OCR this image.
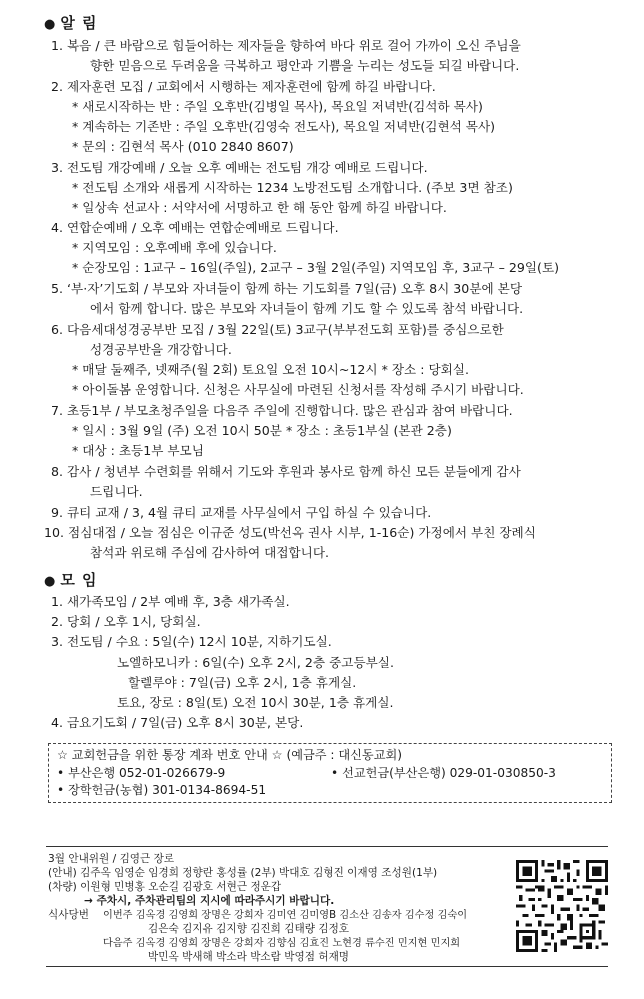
● 알 림
1. 복음 / 큰 바람으로 힘들어하는 제자들을 향하여 바다 위로 걸어 가까이 오신 주님을
향한 믿음으로 두려움을 극복하고 평안과 기쁨을 누리는 성도들 되길 바랍니다.
2. 제자훈련 모집 / 교회에서 시행하는 제자훈련에 함께 하길 바랍니다.
* 새로시작하는 반 : 주일 오후반(김병일 목사), 목요일 저녁반(김석하 목사)
* 계속하는 기존반 : 주일 오후반(김영숙 전도사), 목요일 저녁반(김현석 목사)
* 문의 : 김현석 목사 (010 2840 8607)
3. 전도팀 개강예배 / 오늘 오후 예배는 전도팀 개강 예배로 드립니다.
* 전도팀 소개와 새롭게 시작하는 1234 노방전도팀 소개합니다. (주보 3면 참조)
* 일상속 선교사 : 서약서에 서명하고 한 해 동안 함께 하길 바랍니다.
4. 연합순예배 / 오후 예배는 연합순예배로 드립니다.
* 지역모임 : 오후예배 후에 있습니다.
* 순장모임 : 1교구 – 16일(주일), 2교구 – 3월 2일(주일) 지역모임 후, 3교구 – 29일(토)
5. ‘부·자’기도회 / 부모와 자녀들이 함께 하는 기도회를 7일(금) 오후 8시 30분에 본당
에서 함께 합니다. 많은 부모와 자녀들이 함께 기도 할 수 있도록 참석 바랍니다.
6. 다음세대성경공부반 모집 / 3월 22일(토) 3교구(부부전도회 포함)를 중심으로한
성경공부반을 개강합니다.
* 매달 둘째주, 넷째주(월 2회) 토요일 오전 10시~12시 * 장소 : 당회실.
* 아이돌봄 운영합니다. 신청은 사무실에 마련된 신청서를 작성해 주시기 바랍니다.
7. 초등1부 / 부모초청주일을 다음주 주일에 진행합니다. 많은 관심과 참여 바랍니다.
* 일시 : 3월 9일 (주) 오전 10시 50분 * 장소 : 초등1부실 (본관 2층)
* 대상 : 초등1부 부모님
8. 감사 / 청년부 수련회를 위해서 기도와 후원과 봉사로 함께 하신 모든 분들에게 감사
드립니다.
9. 큐티 교재 / 3, 4월 큐티 교재를 사무실에서 구입 하실 수 있습니다.
10. 점심대접 / 오늘 점심은 이규준 성도(박선옥 권사 시부, 1-16순) 가정에서 부친 장례식
참석과 위로해 주심에 감사하여 대접합니다.
● 모 임
1. 새가족모임 / 2부 예배 후, 3층 새가족실.
2. 당회 / 오후 1시, 당회실.
3. 전도팀 / 수요 : 5일(수) 12시 10분, 지하기도실.
노엘하모니카 : 6일(수) 오후 2시, 2층 중고등부실.
할렐루야 : 7일(금) 오후 2시, 1층 휴게실.
토요, 장로 : 8일(토) 오전 10시 30분, 1층 휴게실.
4. 금요기도회 / 7일(금) 오후 8시 30분, 본당.
☆ 교회헌금을 위한 통장 계좌 번호 안내 ☆ (예금주 : 대신동교회)
• 부산은행 052-01-026679-9	• 선교헌금(부산은행) 029-01-030850-3
• 장학헌금(농협) 301-0134-8694-51
3월 안내위원 / 김영근 장로
(안내) 김주옥 임영순 임경희 정향란 홍성률 (2부) 박대호 김형진 이재영 조성원(1부)
(차량) 이원형 민병홍 오순길 김광호 서현근 정운갑
→ 주차시, 주차관리팀의 지시에 따라주시기 바랍니다.
식사당번 이번주 김옥경 김영희 장명은 강희자 김미연 김미영B 김소산 김송자 김수정 김숙이
김은숙 김지유 김지향 김진희 김태량 김정호
다음주 김옥경 김영희 장명은 강희자 김향심 김효진 노현경 류수진 민지현 민지희
박민옥 박새해 박소라 박소람 박영점 허재명
